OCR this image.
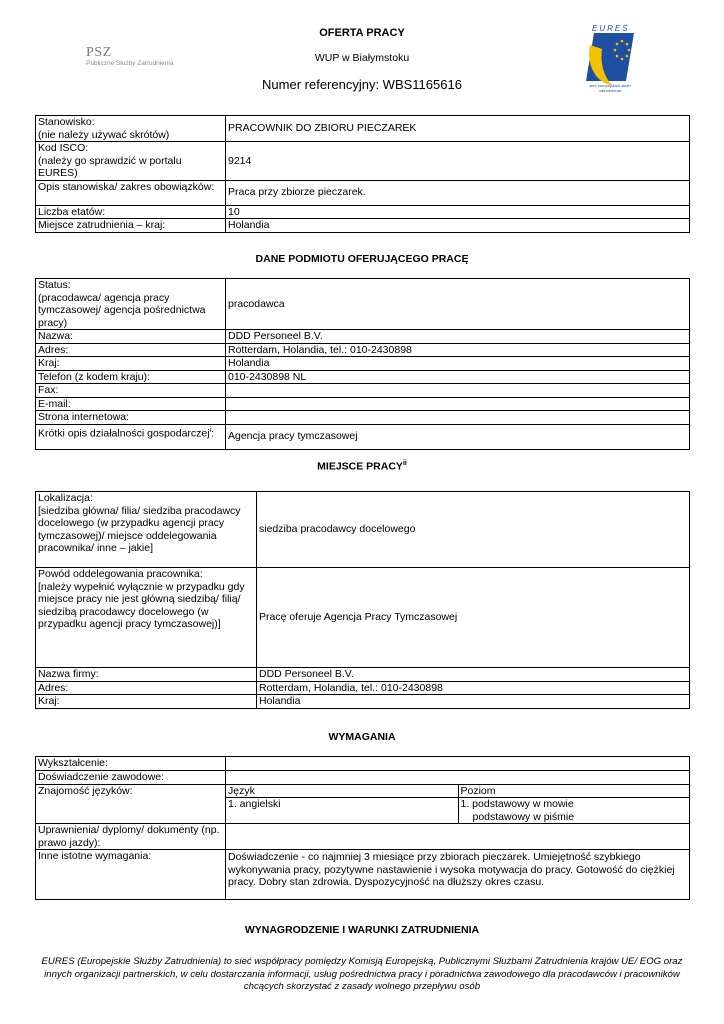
OFERTA PRACY
WUP w Białymstoku
Numer referencyjny: WBS1165616
PSZ
Publiczne Służby Zatrudnienia
EURES
sieć europejskich służb zatrudnienia
Stanowisko:
(nie należy używać skrótów)	PRACOWNIK DO ZBIORU PIECZAREK
Kod ISCO:
(należy go sprawdzić w portalu EURES)	9214
Opis stanowiska/ zakres obowiązków:	Praca przy zbiorze pieczarek.
Liczba etatów:	10
Miejsce zatrudnienia – kraj:	Holandia
DANE PODMIOTU OFERUJĄCEGO PRACĘ
Status:
(pracodawca/ agencja pracy tymczasowej/ agencja pośrednictwa pracy)	pracodawca
Nazwa:	DDD Personeel B.V.
Adres:	Rotterdam, Holandia, tel.: 010-2430898
Kraj:	Holandia
Telefon (z kodem kraju):	010-2430898 NL
Fax:	
E-mail:	
Strona internetowa:	
Krótki opis działalności gospodarczej$^i$:	Agencja pracy tymczasowej
MIEJSCE PRACY$^{ii}$
Lokalizacja:
[siedziba główna/ filia/ siedziba pracodawcy docelowego (w przypadku agencji pracy tymczasowej)/ miejsce oddelegowania pracownika/ inne – jakie]	siedziba pracodawcy docelowego
Powód oddelegowania pracownika:
[należy wypełnić wyłącznie w przypadku gdy miejsce pracy nie jest główną siedzibą/ filią/ siedzibą pracodawcy docelowego (w przypadku agencji pracy tymczasowej)]	Pracę oferuje Agencja Pracy Tymczasowej
Nazwa firmy:	DDD Personeel B.V.
Adres:	Rotterdam, Holandia, tel.: 010-2430898
Kraj:	Holandia
WYMAGANIA
Wykształcenie:	
Doświadczenie zawodowe:	
Znajomość języków:		Język	Poziom
1. angielski	1. podstawowy w mowie
podstawowy w piśmie

Uprawnienia/ dyplomy/ dokumenty (np. prawo jazdy):	
Inne istotne wymagania:	Doświadczenie - co najmniej 3 miesiące przy zbiorach pieczarek. Umiejętność szybkiego wykonywania pracy, pozytywne nastawienie i wysoka motywacja do pracy. Gotowość do ciężkiej pracy. Dobry stan zdrowia. Dyspozycyjność na dłuższy okres czasu.
WYNAGRODZENIE I WARUNKI ZATRUDNIENIA
EURES (Europejskie Służby Zatrudnienia) to sieć współpracy pomiędzy Komisją Europejską, Publicznymi Służbami Zatrudnienia krajów UE/ EOG oraz innych organizacji partnerskich, w celu dostarczania informacji, usług pośrednictwa pracy i poradnictwa zawodowego dla pracodawców i pracowników chcących skorzystać z zasady wolnego przepływu osób
